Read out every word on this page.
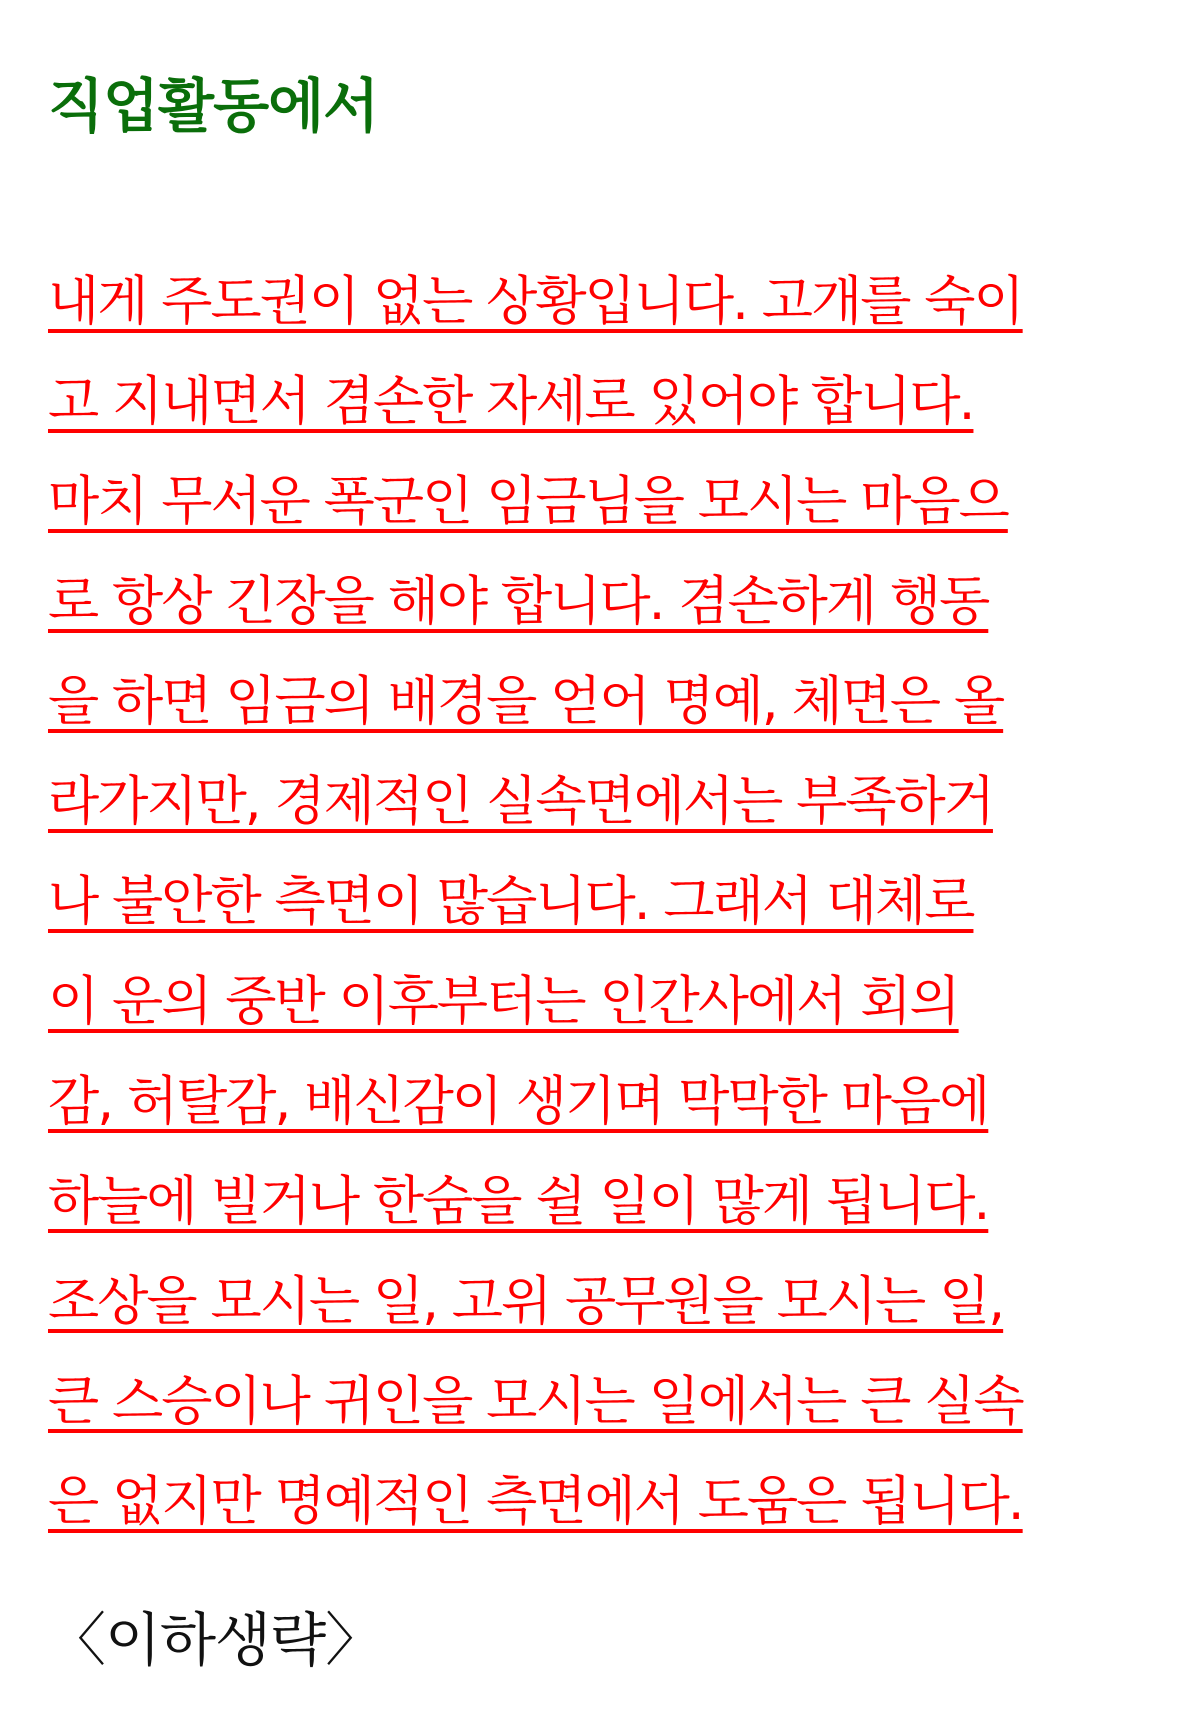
직업활동에서
내게 주도권이 없는 상황입니다. 고개를 숙이
고 지내면서 겸손한 자세로 있어야 합니다.
마치 무서운 폭군인 임금님을 모시는 마음으
로 항상 긴장을 해야 합니다. 겸손하게 행동
을 하면 임금의 배경을 얻어 명예, 체면은 올
라가지만, 경제적인 실속면에서는 부족하거
나 불안한 측면이 많습니다. 그래서 대체로
이 운의 중반 이후부터는 인간사에서 회의
감, 허탈감, 배신감이 생기며 막막한 마음에
하늘에 빌거나 한숨을 쉴 일이 많게 됩니다.
조상을 모시는 일, 고위 공무원을 모시는 일,
큰 스승이나 귀인을 모시는 일에서는 큰 실속
은 없지만 명예적인 측면에서 도움은 됩니다.
〈이하생략〉
